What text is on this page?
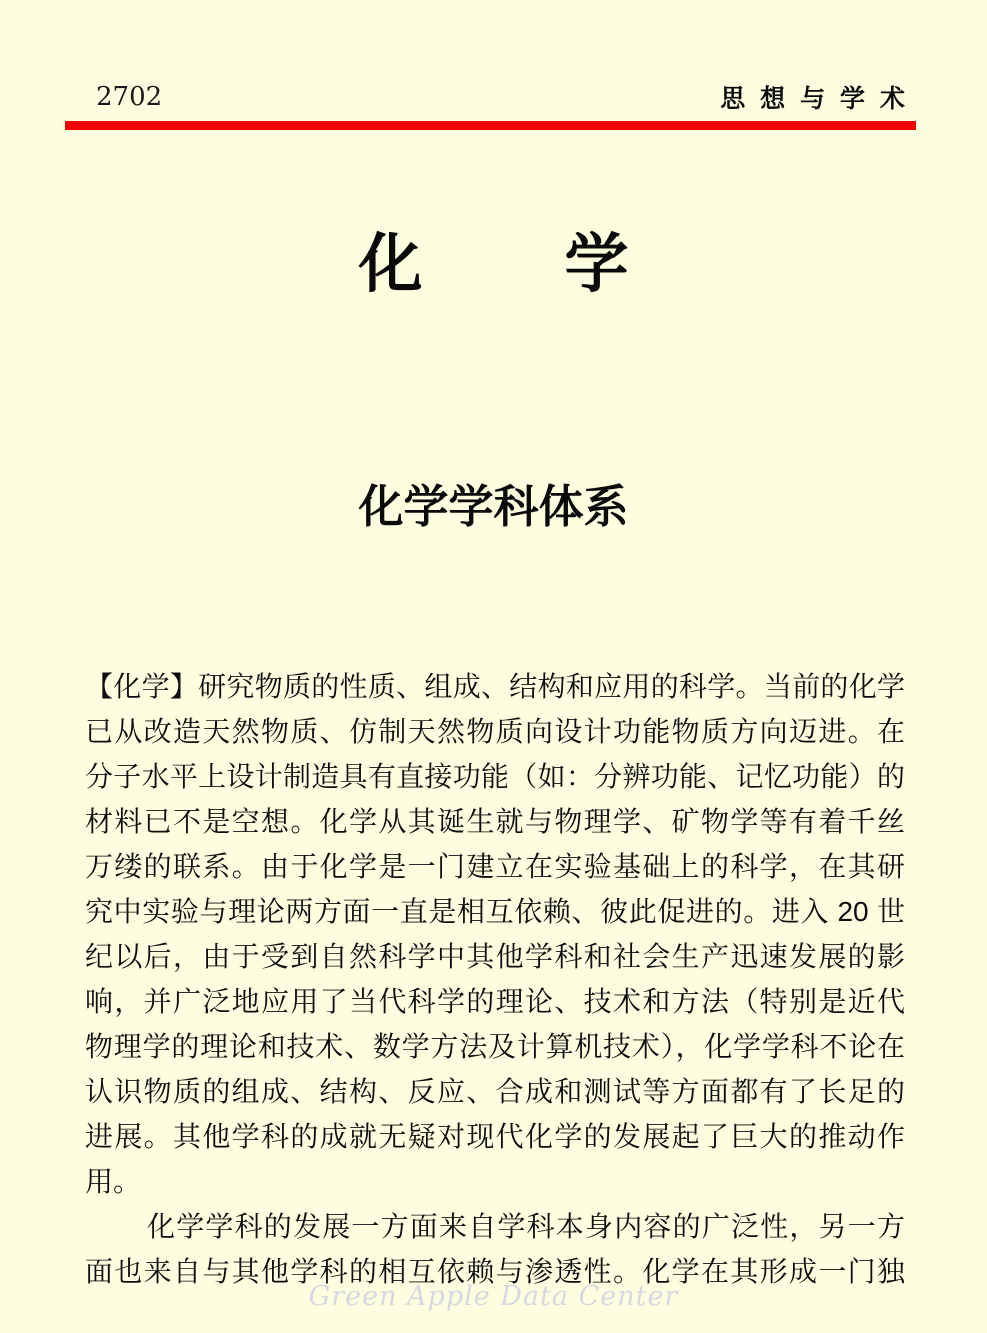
2702	思 想 与 学 术
化 学
化学学科体系
【化学】研究物质的性质、组成、结构和应用的科学。当前的化学
已从改造天然物质、仿制天然物质向设计功能物质方向迈进。在
分子水平上设计制造具有直接功能（如：分辨功能、记忆功能）的
材料已不是空想。化学从其诞生就与物理学、矿物学等有着千丝
万缕的联系。由于化学是一门建立在实验基础上的科学，在其研
究中实验与理论两方面一直是相互依赖、彼此促进的。进入 20 世
纪以后，由于受到自然科学中其他学科和社会生产迅速发展的影
响，并广泛地应用了当代科学的理论、技术和方法（特别是近代
物理学的理论和技术、数学方法及计算机技术），化学学科不论在
认识物质的组成、结构、反应、合成和测试等方面都有了长足的
进展。其他学科的成就无疑对现代化学的发展起了巨大的推动作
用。
化学学科的发展一方面来自学科本身内容的广泛性，另一方
面也来自与其他学科的相互依赖与渗透性。化学在其形成一门独
Green Apple Data Center
